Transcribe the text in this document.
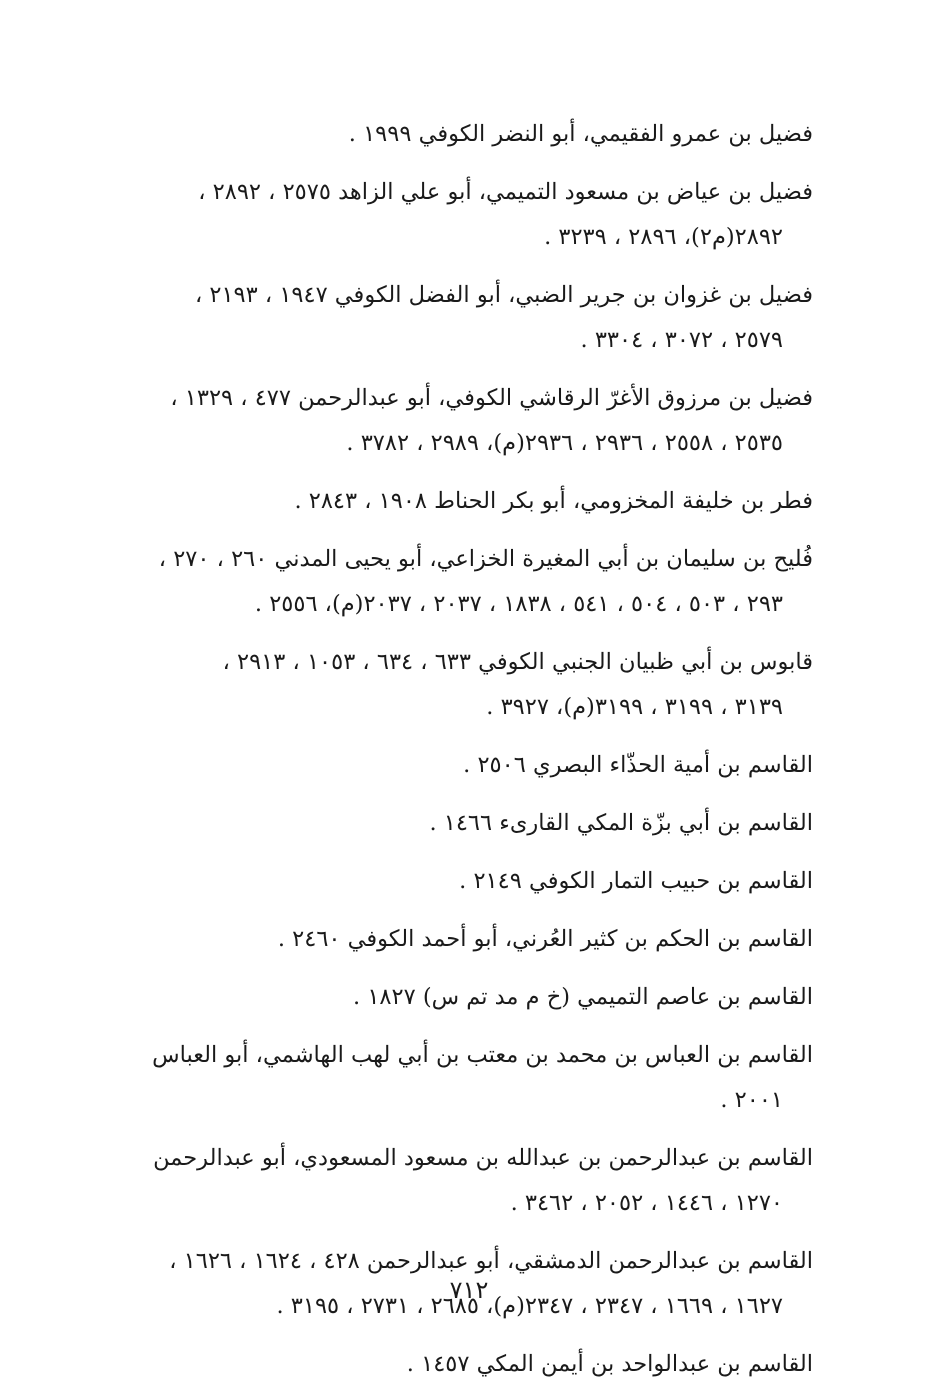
فضيل بن عمرو الفقيمي، أبو النضر الكوفي ١٩٩٩ .
فضيل بن عياض بن مسعود التميمي، أبو علي الزاهد ٢٥٧٥ ، ٢٨٩٢ ،
٢٨٩٢(م٢)، ٢٨٩٦ ، ٣٢٣٩ .
فضيل بن غزوان بن جرير الضبي، أبو الفضل الكوفي ١٩٤٧ ، ٢١٩٣ ،
٢٥٧٩ ، ٣٠٧٢ ، ٣٣٠٤ .
فضيل بن مرزوق الأغرّ الرقاشي الكوفي، أبو عبدالرحمن ٤٧٧ ، ١٣٢٩ ،
٢٥٣٥ ، ٢٥٥٨ ، ٢٩٣٦ ، ٢٩٣٦(م)، ٢٩٨٩ ، ٣٧٨٢ .
فطر بن خليفة المخزومي، أبو بكر الحناط ١٩٠٨ ، ٢٨٤٣ .
فُليح بن سليمان بن أبي المغيرة الخزاعي، أبو يحيى المدني ٢٦٠ ، ٢٧٠ ،
٢٩٣ ، ٥٠٣ ، ٥٠٤ ، ٥٤١ ، ١٨٣٨ ، ٢٠٣٧ ، ٢٠٣٧(م)، ٢٥٥٦ .
قابوس بن أبي ظبيان الجنبي الكوفي ٦٣٣ ، ٦٣٤ ، ١٠٥٣ ، ٢٩١٣ ،
٣١٣٩ ، ٣١٩٩ ، ٣١٩٩(م)، ٣٩٢٧ .
القاسم بن أمية الحذّاء البصري ٢٥٠٦ .
القاسم بن أبي بزّة المكي القارىء ١٤٦٦ .
القاسم بن حبيب التمار الكوفي ٢١٤٩ .
القاسم بن الحكم بن كثير العُرني، أبو أحمد الكوفي ٢٤٦٠ .
القاسم بن عاصم التميمي (خ م مد تم س) ١٨٢٧ .
القاسم بن العباس بن محمد بن معتب بن أبي لهب الهاشمي، أبو العباس
٢٠٠١ .
القاسم بن عبدالرحمن بن عبدالله بن مسعود المسعودي، أبو عبدالرحمن
١٢٧٠ ، ١٤٤٦ ، ٢٠٥٢ ، ٣٤٦٢ .
القاسم بن عبدالرحمن الدمشقي، أبو عبدالرحمن ٤٢٨ ، ١٦٢٤ ، ١٦٢٦ ،
١٦٢٧ ، ١٦٦٩ ، ٢٣٤٧ ، ٢٣٤٧(م)، ٢٦٨٥ ، ٢٧٣١ ، ٣١٩٥ .
القاسم بن عبدالواحد بن أيمن المكي ١٤٥٧ .
٧١٢
